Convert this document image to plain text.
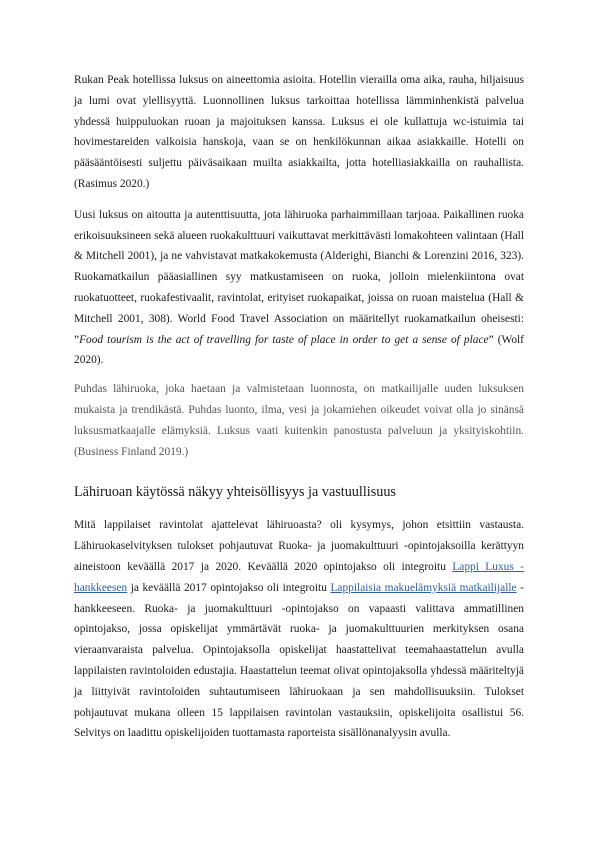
Rukan Peak hotellissa luksus on aineettomia asioita. Hotellin vierailla oma aika, rauha, hiljaisuus ja lumi ovat ylellisyyttä. Luonnollinen luksus tarkoittaa hotellissa lämminhenkistä palvelua yhdessä huippuluokan ruoan ja majoituksen kanssa. Luksus ei ole kullattuja wc-istuimia tai hovimestareiden valkoisia hanskoja, vaan se on henkilökunnan aikaa asiakkaille. Hotelli on pääsääntöisesti suljettu päiväsaikaan muilta asiakkailta, jotta hotelliasiakkailla on rauhallista. (Rasimus 2020.)

Uusi luksus on aitoutta ja autenttisuutta, jota lähiruoka parhaimmillaan tarjoaa. Paikallinen ruoka erikoisuuksineen sekä alueen ruokakulttuuri vaikuttavat merkittävästi lomakohteen valintaan (Hall & Mitchell 2001), ja ne vahvistavat matkakokemusta (Alderighi, Bianchi & Lorenzini 2016, 323). Ruokamatkailun pääasiallinen syy matkustamiseen on ruoka, jolloin mielenkiintona ovat ruokatuotteet, ruokafestivaalit, ravintolat, erityiset ruokapaikat, joissa on ruoan maistelua (Hall & Mitchell 2001, 308). World Food Travel Association on määritellyt ruokamatkailun oheisesti: ”Food tourism is the act of travelling for taste of place in order to get a sense of place” (Wolf 2020).

Puhdas lähiruoka, joka haetaan ja valmistetaan luonnosta, on matkailijalle uuden luksuksen mukaista ja trendikästä. Puhdas luonto, ilma, vesi ja jokamiehen oikeudet voivat olla jo sinänsä luksusmatkaajalle elämyksiä. Luksus vaati kuitenkin panostusta palveluun ja yksityiskohtiin. (Business Finland 2019.)

Lähiruoan käytössä näkyy yhteisöllisyys ja vastuullisuus

Mitä lappilaiset ravintolat ajattelevat lähiruoasta? oli kysymys, johon etsittiin vastausta. Lähiruokaselvityksen tulokset pohjautuvat Ruoka- ja juomakulttuuri -opintojaksoilla kerättyyn aineistoon keväällä 2017 ja 2020. Keväällä 2020 opintojakso oli integroitu Lappi Luxus -hankkeesen ja keväällä 2017 opintojakso oli integroitu Lappilaisia makuelämyksiä matkailijalle -hankkeeseen. Ruoka- ja juomakulttuuri -opintojakso on vapaasti valittava ammatillinen opintojakso, jossa opiskelijat ymmärtävät ruoka- ja juomakulttuurien merkityksen osana vieraanvaraista palvelua. Opintojaksolla opiskelijat haastattelivat teemahaastattelun avulla lappilaisten ravintoloiden edustajia. Haastattelun teemat olivat opintojaksolla yhdessä määriteltyjä ja liittyivät ravintoloiden suhtautumiseen lähiruokaan ja sen mahdollisuuksiin. Tulokset pohjautuvat mukana olleen 15 lappilaisen ravintolan vastauksiin, opiskelijoita osallistui 56. Selvitys on laadittu opiskelijoiden tuottamasta raporteista sisällönanalyysin avulla.
